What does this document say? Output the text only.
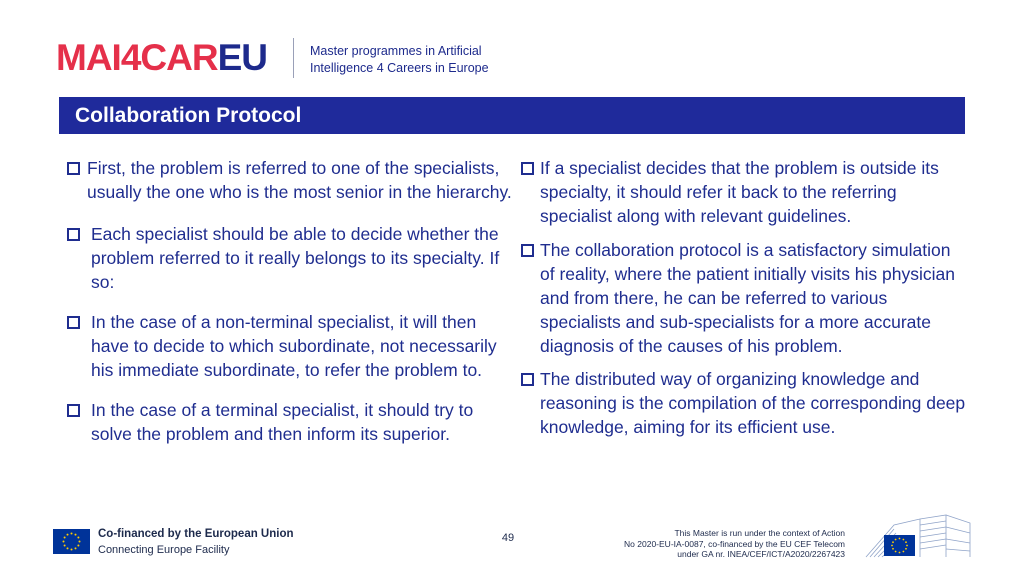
MAI4CAREU	Master programmes in Artificial
Intelligence 4 Careers in Europe
Collaboration Protocol
First, the problem is referred to one of the specialists, usually the one who is the most senior in the hierarchy.
Each specialist should be able to decide whether the problem referred to it really belongs to its specialty. If so:
In the case of a non-terminal specialist, it will then have to decide to which subordinate, not necessarily his immediate subordinate, to refer the problem to.
In the case of a terminal specialist, it should try to solve the problem and then inform its superior.
If a specialist decides that the problem is outside its specialty, it should refer it back to the referring specialist along with relevant guidelines.
The collaboration protocol is a satisfactory simulation of reality, where the patient initially visits his physician and from there, he can be referred to various specialists and sub-specialists for a more accurate diagnosis of the causes of his problem.
The distributed way of organizing knowledge and reasoning is the compilation of the corresponding deep knowledge, aiming for its efficient use.
Co-financed by the European Union
Connecting Europe Facility
49	This Master is run under the context of Action
No 2020-EU-IA-0087, co-financed by the EU CEF Telecom
under GA nr. INEA/CEF/ICT/A2020/2267423
